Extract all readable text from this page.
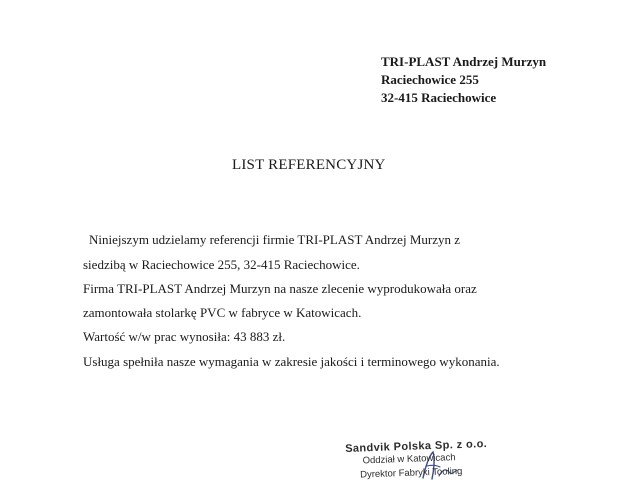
TRI-PLAST Andrzej Murzyn
Raciechowice 255
32-415 Raciechowice
LIST REFERENCYJNY
Niniejszym udzielamy referencji firmie TRI-PLAST Andrzej Murzyn z
siedzibą w Raciechowice 255, 32-415 Raciechowice.
Firma TRI-PLAST Andrzej Murzyn na nasze zlecenie wyprodukowała oraz
zamontowała stolarkę PVC w fabryce w Katowicach.
Wartość w/w prac wynosiła: 43 883 zł.
Usługa spełniła nasze wymagania w zakresie jakości i terminowego wykonania.
Sandvik Polska Sp. z o.o.
Oddział w Katowicach
Dyrektor Fabryki Tooling
